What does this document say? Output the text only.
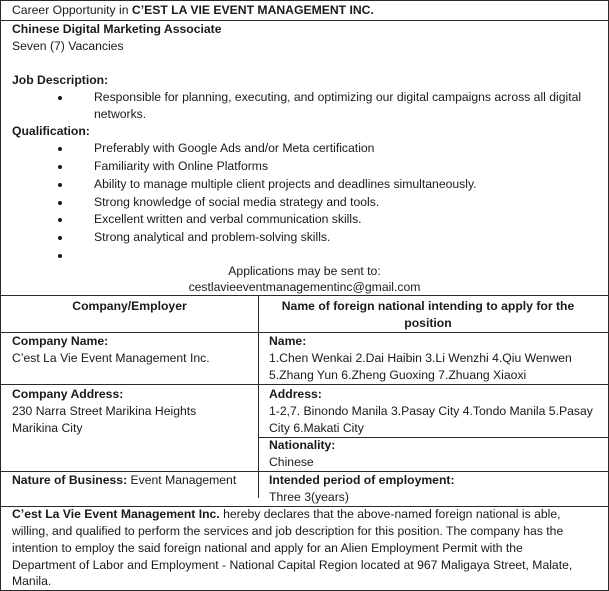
Career Opportunity in C’EST LA VIE EVENT MANAGEMENT INC.
Chinese Digital Marketing Associate
Seven (7) Vacancies
Job Description:
Responsible for planning, executing, and optimizing our digital campaigns across all digital networks.
Qualification:
Preferably with Google Ads and/or Meta certification
Familiarity with Online Platforms
Ability to manage multiple client projects and deadlines simultaneously.
Strong knowledge of social media strategy and tools.
Excellent written and verbal communication skills.
Strong analytical and problem-solving skills.
Applications may be sent to:
cestlavieeventmanagementinc@gmail.com
Company/Employer	Name of foreign national intending to apply for the position
Company Name:
C’est La Vie Event Management Inc.
Name:
1.Chen Wenkai 2.Dai Haibin 3.Li Wenzhi 4.Qiu Wenwen
5.Zhang Yun 6.Zheng Guoxing 7.Zhuang Xiaoxi
Company Address:
230 Narra Street Marikina Heights
Marikina City
Address:
1-2,7. Binondo Manila 3.Pasay City 4.Tondo Manila 5.Pasay
City 6.Makati City
Nationality:
Chinese
Nature of Business: Event Management	Intended period of employment:
Three 3(years)
C’est La Vie Event Management Inc. hereby declares that the above-named foreign national is able,
willing, and qualified to perform the services and job description for this position. The company has the
intention to employ the said foreign national and apply for an Alien Employment Permit with the
Department of Labor and Employment - National Capital Region located at 967 Maligaya Street, Malate,
Manila.
